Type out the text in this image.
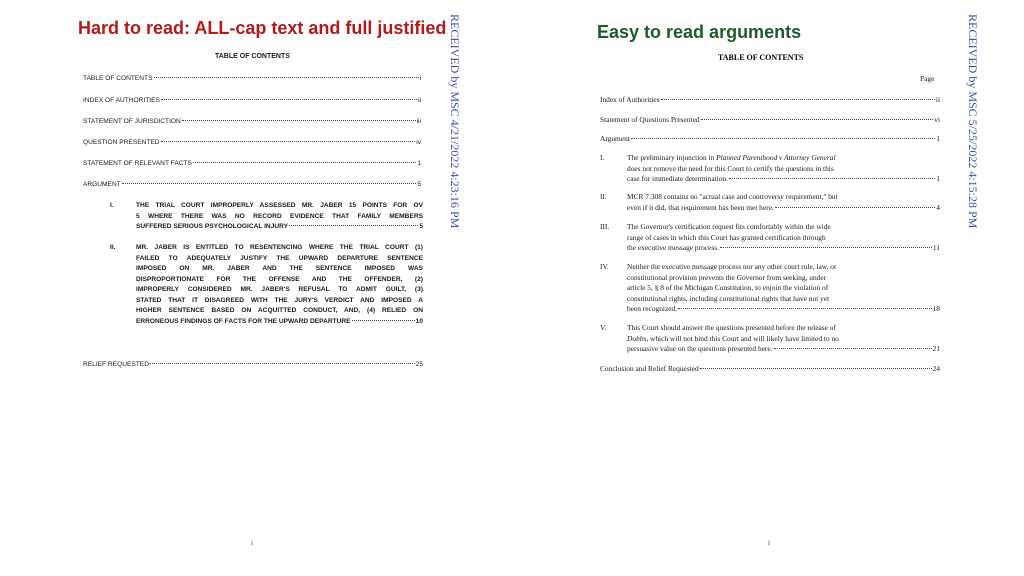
Hard to read: ALL-cap text and full justified RECEIVED by MSC 4/21/2022 4:23:16 PM
TABLE OF CONTENTS
TABLE OF CONTENTS	i
INDEX OF AUTHORITIES	ii
STATEMENT OF JURISDICTION	iii
QUESTION PRESENTED	iv
STATEMENT OF RELEVANT FACTS	1
ARGUMENT	5
I.	THE TRIAL COURT IMPROPERLY ASSESSED MR. JABER 15 POINTS FOR OV
5 WHERE THERE WAS NO RECORD EVIDENCE THAT FAMILY MEMBERS
SUFFERED SERIOUS PSYCHOLOGICAL INJURY	5
II.	MR. JABER IS ENTITLED TO RESENTENCING WHERE THE TRIAL COURT (1)
FAILED TO ADEQUATELY JUSTIFY THE UPWARD DEPARTURE SENTENCE
IMPOSED ON MR. JABER AND THE SENTENCE IMPOSED WAS
DISPROPORTIONATE FOR THE OFFENSE AND THE OFFENDER, (2)
IMPROPERLY CONSIDERED MR. JABER'S REFUSAL TO ADMIT GUILT, (3)
STATED THAT IT DISAGREED WITH THE JURY'S VERDICT AND IMPOSED A
HIGHER SENTENCE BASED ON ACQUITTED CONDUCT, AND, (4) RELIED ON
ERRONEOUS FINDINGS OF FACTS FOR THE UPWARD DEPARTURE	10
RELIEF REQUESTED	25
i
Easy to read arguments	RECEIVED by MSC 5/25/2022 4:15:28 PM
TABLE OF CONTENTS
Page
Index of Authorities	ii
Statement of Questions Presented	vi
Argument	1
I.	The preliminary injunction in Planned Parenthood v Attorney General
does not remove the need for this Court to certify the questions in this
case for immediate determination.	1
II.	MCR 7.308 contains no "actual case and controversy requirement," but
even if it did, that requirement has been met here.	4
III. The Governor's certification request fits comfortably within the wide
range of cases in which this Court has granted certification through
the executive message process.	11
IV. Neither the executive message process nor any other court rule, law, or
constitutional provision prevents the Governor from seeking, under
article 5, § 8 of the Michigan Constitution, to enjoin the violation of
constitutional rights, including constitutional rights that have not yet
been recognized.	18
V.	This Court should answer the questions presented before the release of
Dobbs, which will not bind this Court and will likely have limited to no
persuasive value on the questions presented here.	21
Conclusion and Relief Requested	24
i
